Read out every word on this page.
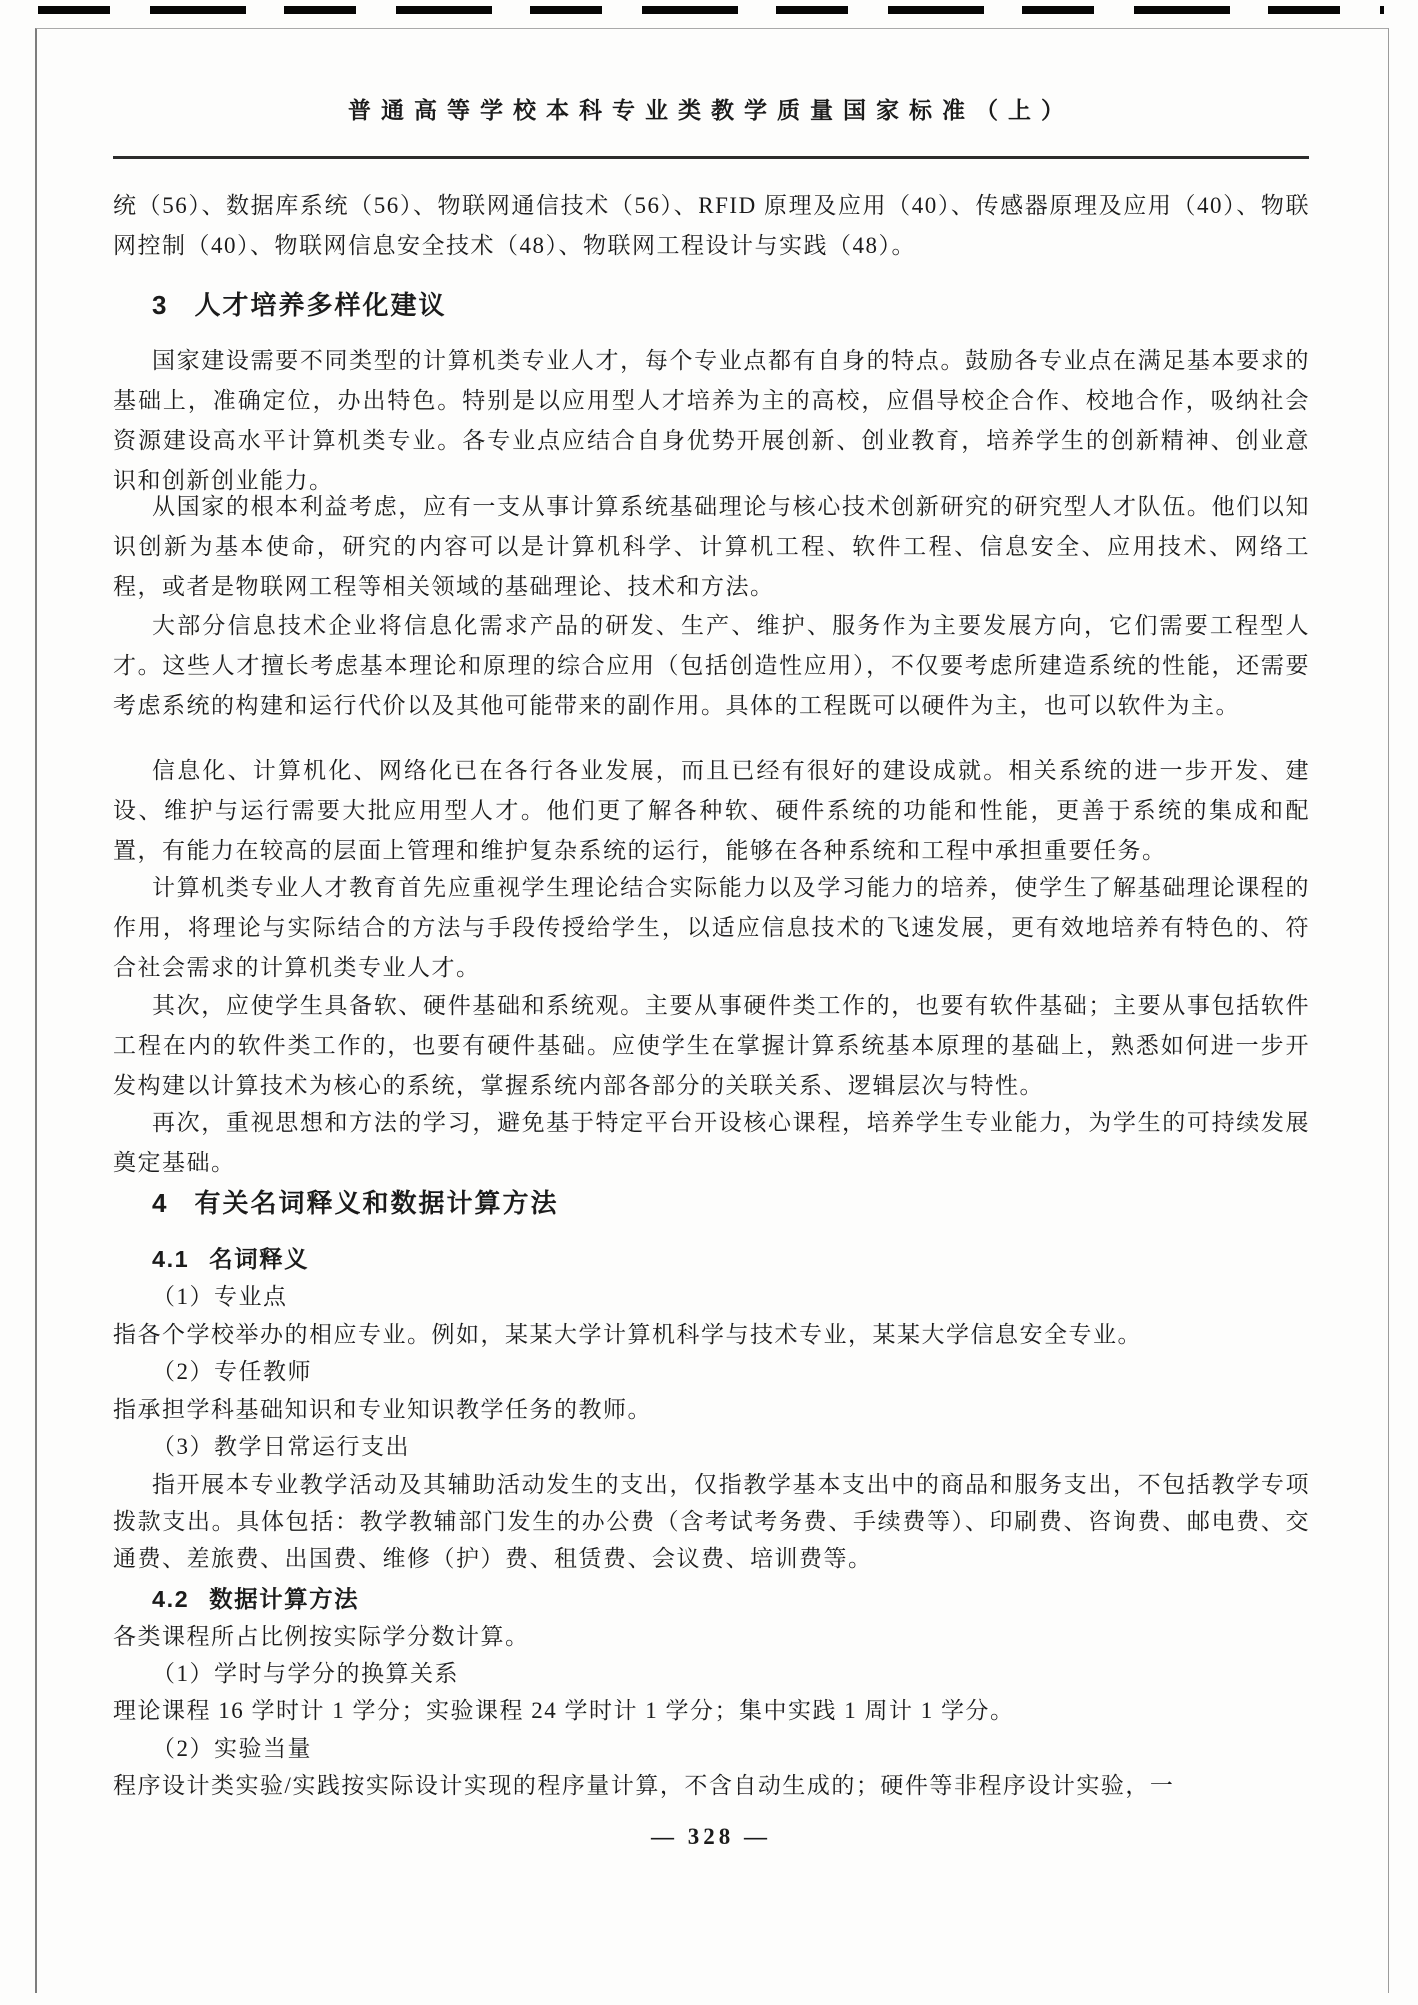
普通高等学校本科专业类教学质量国家标准（上）
统（56）、数据库系统（56）、物联网通信技术（56）、RFID 原理及应用（40）、传感器原理及应用（40）、物联网控制（40）、物联网信息安全技术（48）、物联网工程设计与实践（48）。
3 人才培养多样化建议
国家建设需要不同类型的计算机类专业人才，每个专业点都有自身的特点。鼓励各专业点在满足基本要求的基础上，准确定位，办出特色。特别是以应用型人才培养为主的高校，应倡导校企合作、校地合作，吸纳社会资源建设高水平计算机类专业。各专业点应结合自身优势开展创新、创业教育，培养学生的创新精神、创业意识和创新创业能力。
从国家的根本利益考虑，应有一支从事计算系统基础理论与核心技术创新研究的研究型人才队伍。他们以知识创新为基本使命，研究的内容可以是计算机科学、计算机工程、软件工程、信息安全、应用技术、网络工程，或者是物联网工程等相关领域的基础理论、技术和方法。
大部分信息技术企业将信息化需求产品的研发、生产、维护、服务作为主要发展方向，它们需要工程型人才。这些人才擅长考虑基本理论和原理的综合应用（包括创造性应用），不仅要考虑所建造系统的性能，还需要考虑系统的构建和运行代价以及其他可能带来的副作用。具体的工程既可以硬件为主，也可以软件为主。
信息化、计算机化、网络化已在各行各业发展，而且已经有很好的建设成就。相关系统的进一步开发、建设、维护与运行需要大批应用型人才。他们更了解各种软、硬件系统的功能和性能，更善于系统的集成和配置，有能力在较高的层面上管理和维护复杂系统的运行，能够在各种系统和工程中承担重要任务。
计算机类专业人才教育首先应重视学生理论结合实际能力以及学习能力的培养，使学生了解基础理论课程的作用，将理论与实际结合的方法与手段传授给学生，以适应信息技术的飞速发展，更有效地培养有特色的、符合社会需求的计算机类专业人才。
其次，应使学生具备软、硬件基础和系统观。主要从事硬件类工作的，也要有软件基础；主要从事包括软件工程在内的软件类工作的，也要有硬件基础。应使学生在掌握计算系统基本原理的基础上，熟悉如何进一步开发构建以计算技术为核心的系统，掌握系统内部各部分的关联关系、逻辑层次与特性。
再次，重视思想和方法的学习，避免基于特定平台开设核心课程，培养学生专业能力，为学生的可持续发展奠定基础。
4 有关名词释义和数据计算方法
4.1 名词释义
（1）专业点
指各个学校举办的相应专业。例如，某某大学计算机科学与技术专业，某某大学信息安全专业。
（2）专任教师
指承担学科基础知识和专业知识教学任务的教师。
（3）教学日常运行支出
指开展本专业教学活动及其辅助活动发生的支出，仅指教学基本支出中的商品和服务支出，不包括教学专项拨款支出。具体包括：教学教辅部门发生的办公费（含考试考务费、手续费等）、印刷费、咨询费、邮电费、交通费、差旅费、出国费、维修（护）费、租赁费、会议费、培训费等。
4.2 数据计算方法
各类课程所占比例按实际学分数计算。
（1）学时与学分的换算关系
理论课程 16 学时计 1 学分；实验课程 24 学时计 1 学分；集中实践 1 周计 1 学分。
（2）实验当量
程序设计类实验/实践按实际设计实现的程序量计算，不含自动生成的；硬件等非程序设计实验，一
— 328 —
